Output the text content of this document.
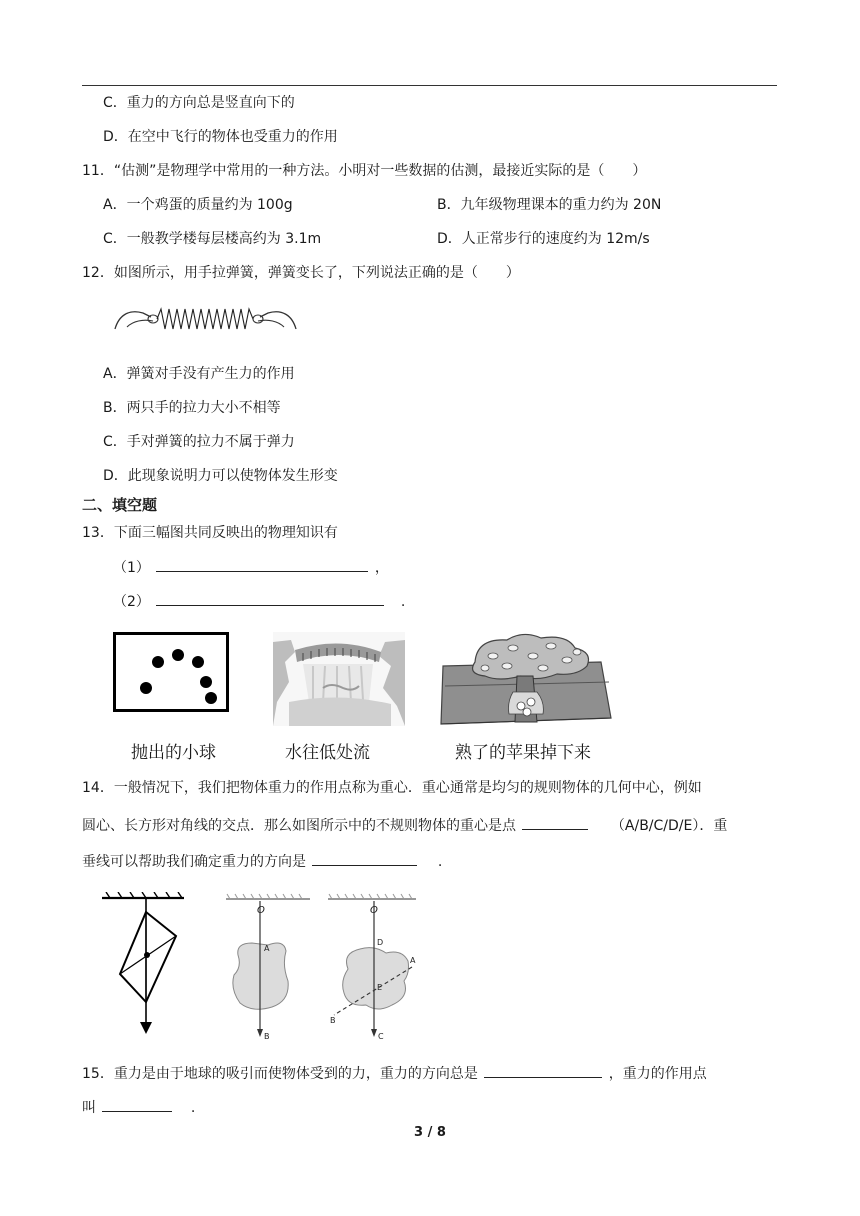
C．重力的方向总是竖直向下的
D．在空中飞行的物体也受重力的作用
11．“估测”是物理学中常用的一种方法。小明对一些数据的估测，最接近实际的是（　　）
A．一个鸡蛋的质量约为 100g	B．九年级物理课本的重力约为 20N
C．一般教学楼每层楼高约为 3.1m	D．人正常步行的速度约为 12m/s
12．如图所示，用手拉弹簧，弹簧变长了，下列说法正确的是（　　）
A．弹簧对手没有产生力的作用
B．两只手的拉力大小不相等
C．手对弹簧的拉力不属于弹力
D．此现象说明力可以使物体发生形变
二、填空题
13．下面三幅图共同反映出的物理知识有
（1）	，
（2）	.
抛出的小球	水往低处流	熟了的苹果掉下来
14．一般情况下，我们把物体重力的作用点称为重心．重心通常是均匀的规则物体的几何中心，例如
圆心、长方形对角线的交点．那么如图所示中的不规则物体的重心是点	（A/B/C/D/E）．重
垂线可以帮助我们确定重力的方向是	.
O
A
B
O
D
A
E
B
C
15．重力是由于地球的吸引而使物体受到的力，重力的方向总是	，重力的作用点
叫	.
3 / 8
